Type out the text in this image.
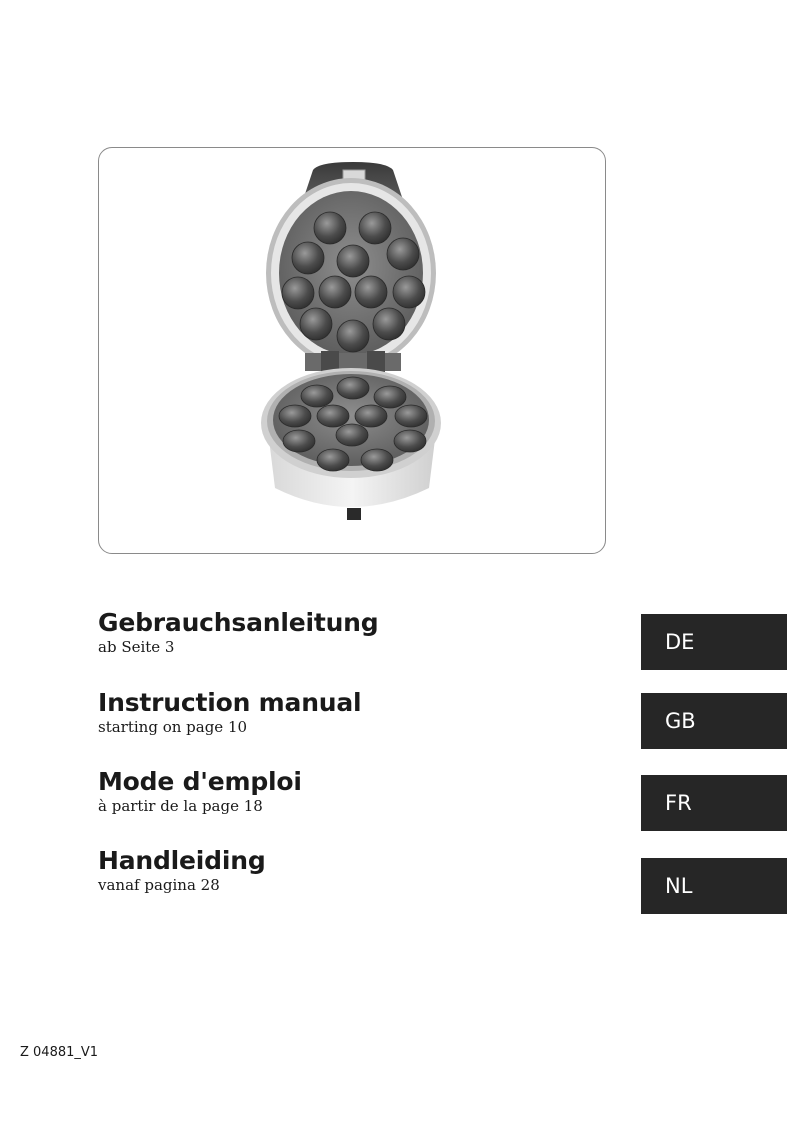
Gebrauchsanleitung
ab Seite 3	DE
Instruction manual
starting on page 10	GB
Mode d'emploi
à partir de la page 18	FR
Handleiding
vanaf pagina 28	NL
Z 04881_V1
